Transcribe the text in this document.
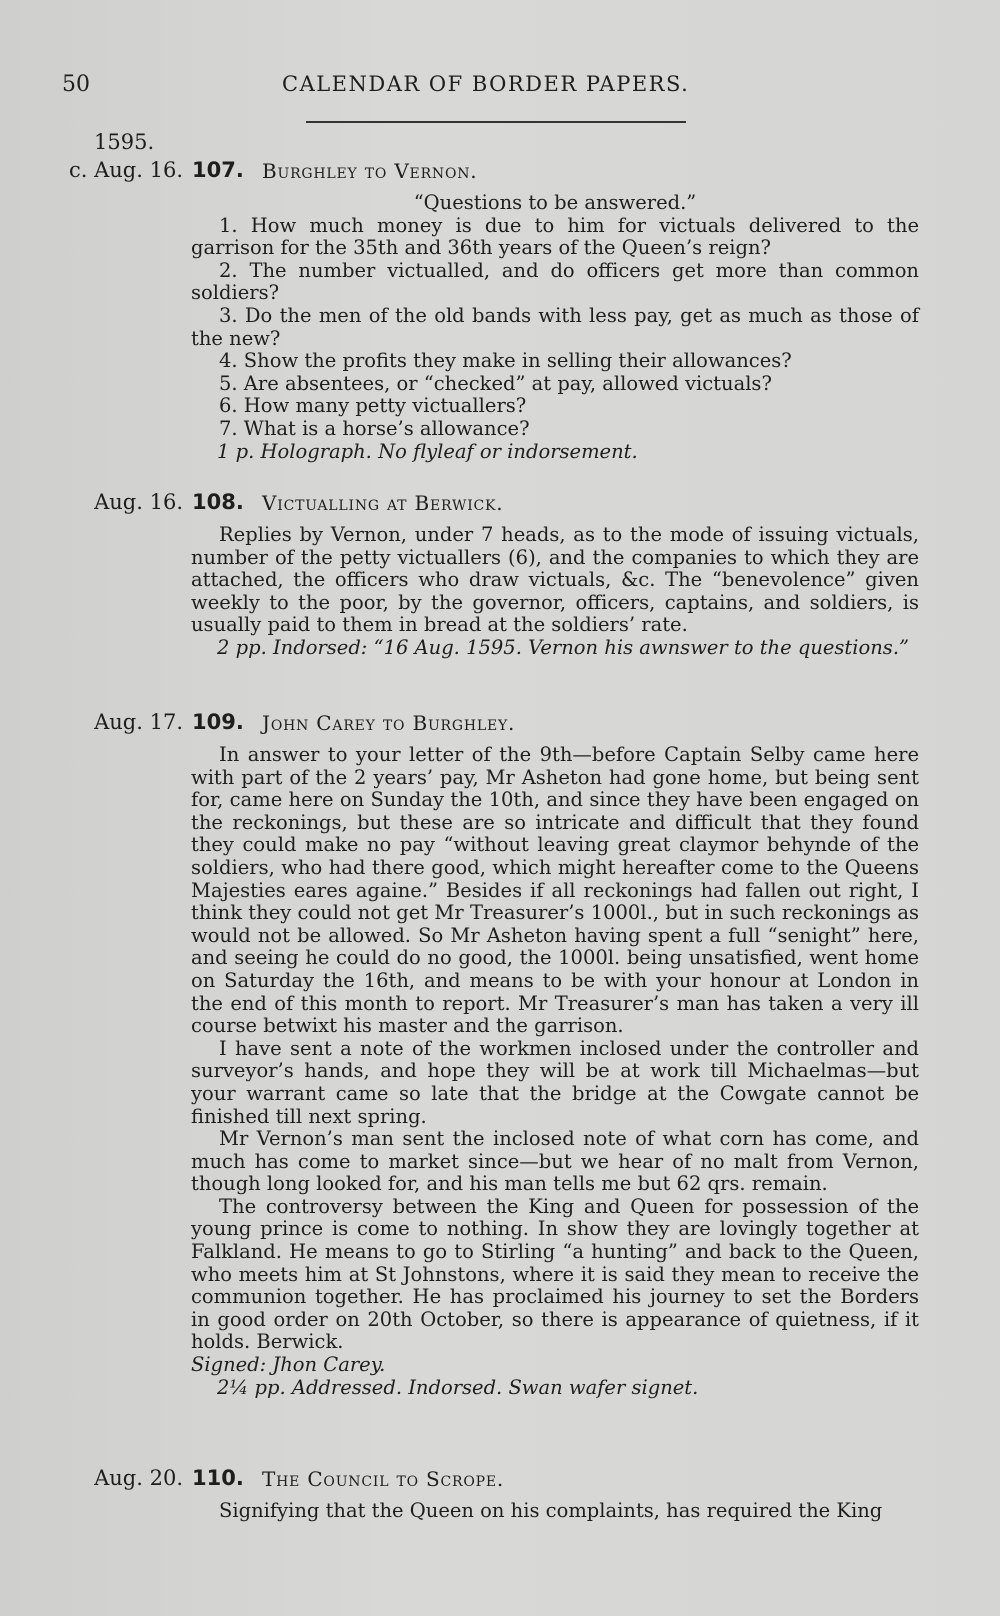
50	CALENDAR OF BORDER PAPERS.
1595.
c. Aug. 16. 107. Burghley to Vernon.

“Questions to be answered.”

1. How much money is due to him for victuals delivered to the garrison for the 35th and 36th years of the Queen’s reign?

2. The number victualled, and do officers get more than common soldiers?

3. Do the men of the old bands with less pay, get as much as those of the new?

4. Show the profits they make in selling their allowances?

5. Are absentees, or “checked” at pay, allowed victuals?

6. How many petty victuallers?

7. What is a horse’s allowance?

1 p. Holograph. No flyleaf or indorsement.

Aug. 16. 108. Victualling at Berwick.

Replies by Vernon, under 7 heads, as to the mode of issuing victuals, number of the petty victuallers (6), and the companies to which they are attached, the officers who draw victuals, &c. The “benevolence” given weekly to the poor, by the governor, officers, captains, and soldiers, is usually paid to them in bread at the soldiers’ rate.

2 pp. Indorsed: “16 Aug. 1595. Vernon his awnswer to the questions.”

Aug. 17. 109. John Carey to Burghley.

In answer to your letter of the 9th—before Captain Selby came here with part of the 2 years’ pay, Mr Asheton had gone home, but being sent for, came here on Sunday the 10th, and since they have been engaged on the reckonings, but these are so intricate and difficult that they found they could make no pay “without leaving great claymor behynde of the soldiers, who had there good, which might hereafter come to the Queens Majesties eares againe.” Besides if all reckonings had fallen out right, I think they could not get Mr Treasurer’s 1000l., but in such reckonings as would not be allowed. So Mr Asheton having spent a full “senight” here, and seeing he could do no good, the 1000l. being unsatisfied, went home on Saturday the 16th, and means to be with your honour at London in the end of this month to report. Mr Treasurer’s man has taken a very ill course betwixt his master and the garrison.

I have sent a note of the workmen inclosed under the controller and surveyor’s hands, and hope they will be at work till Michaelmas—but your warrant came so late that the bridge at the Cowgate cannot be finished till next spring.

Mr Vernon’s man sent the inclosed note of what corn has come, and much has come to market since—but we hear of no malt from Vernon, though long looked for, and his man tells me but 62 qrs. remain.

The controversy between the King and Queen for possession of the young prince is come to nothing. In show they are lovingly together at Falkland. He means to go to Stirling “a hunting” and back to the Queen, who meets him at St Johnstons, where it is said they mean to receive the communion together. He has proclaimed his journey to set the Borders in good order on 20th October, so there is appearance of quietness, if it holds. Berwick.

Signed: Jhon Carey.

2¼ pp. Addressed. Indorsed. Swan wafer signet.

Aug. 20. 110. The Council to Scrope.

Signifying that the Queen on his complaints, has required the King
